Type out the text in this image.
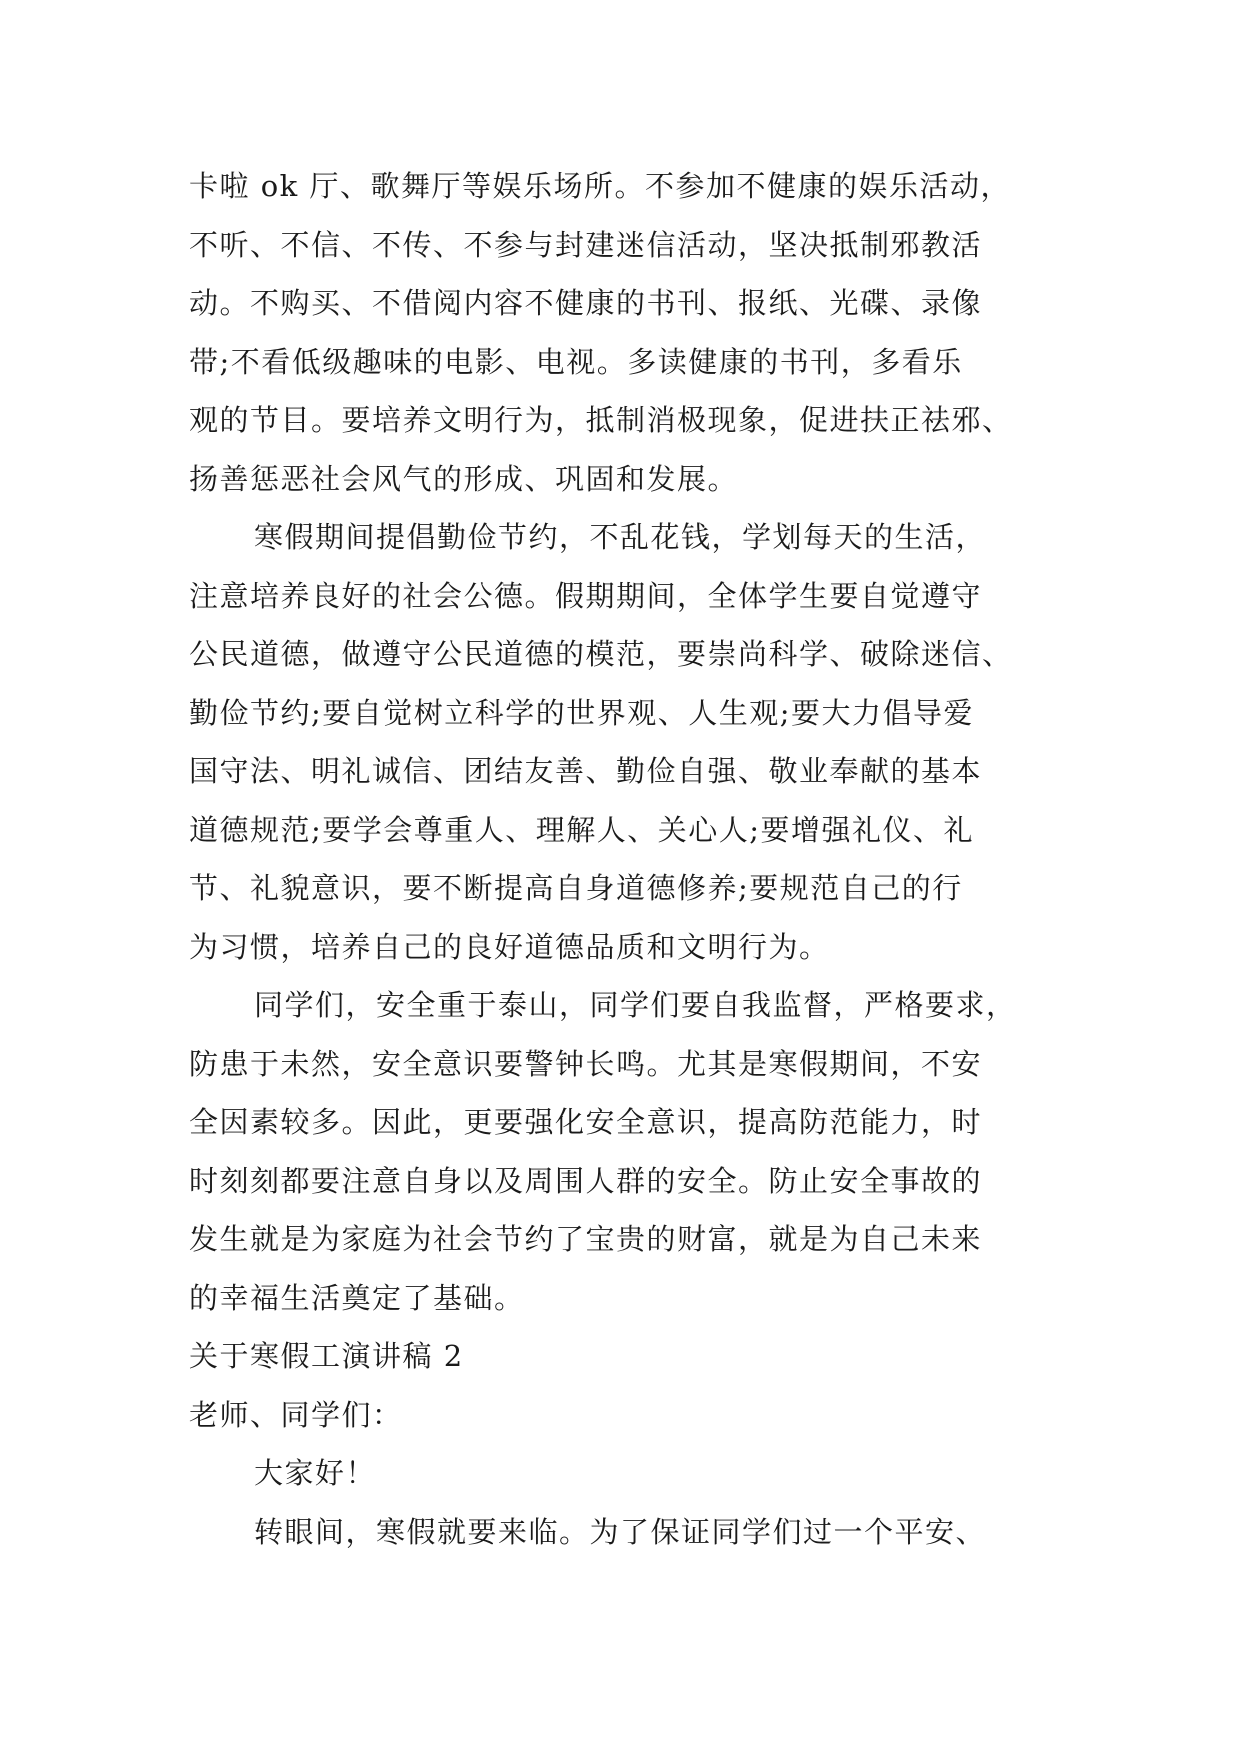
卡啦 ok 厅、歌舞厅等娱乐场所。不参加不健康的娱乐活动，
不听、不信、不传、不参与封建迷信活动，坚决抵制邪教活
动。不购买、不借阅内容不健康的书刊、报纸、光碟、录像
带;不看低级趣味的电影、电视。多读健康的书刊，多看乐
观的节目。要培养文明行为，抵制消极现象，促进扶正祛邪、
扬善惩恶社会风气的形成、巩固和发展。
寒假期间提倡勤俭节约，不乱花钱，学划每天的生活，
注意培养良好的社会公德。假期期间，全体学生要自觉遵守
公民道德，做遵守公民道德的模范，要崇尚科学、破除迷信、
勤俭节约;要自觉树立科学的世界观、人生观;要大力倡导爱
国守法、明礼诚信、团结友善、勤俭自强、敬业奉献的基本
道德规范;要学会尊重人、理解人、关心人;要增强礼仪、礼
节、礼貌意识，要不断提高自身道德修养;要规范自己的行
为习惯，培养自己的良好道德品质和文明行为。
同学们，安全重于泰山，同学们要自我监督，严格要求，
防患于未然，安全意识要警钟长鸣。尤其是寒假期间，不安
全因素较多。因此，更要强化安全意识，提高防范能力，时
时刻刻都要注意自身以及周围人群的安全。防止安全事故的
发生就是为家庭为社会节约了宝贵的财富，就是为自己未来
的幸福生活奠定了基础。
关于寒假工演讲稿 2
老师、同学们：
大家好！
转眼间，寒假就要来临。为了保证同学们过一个平安、
